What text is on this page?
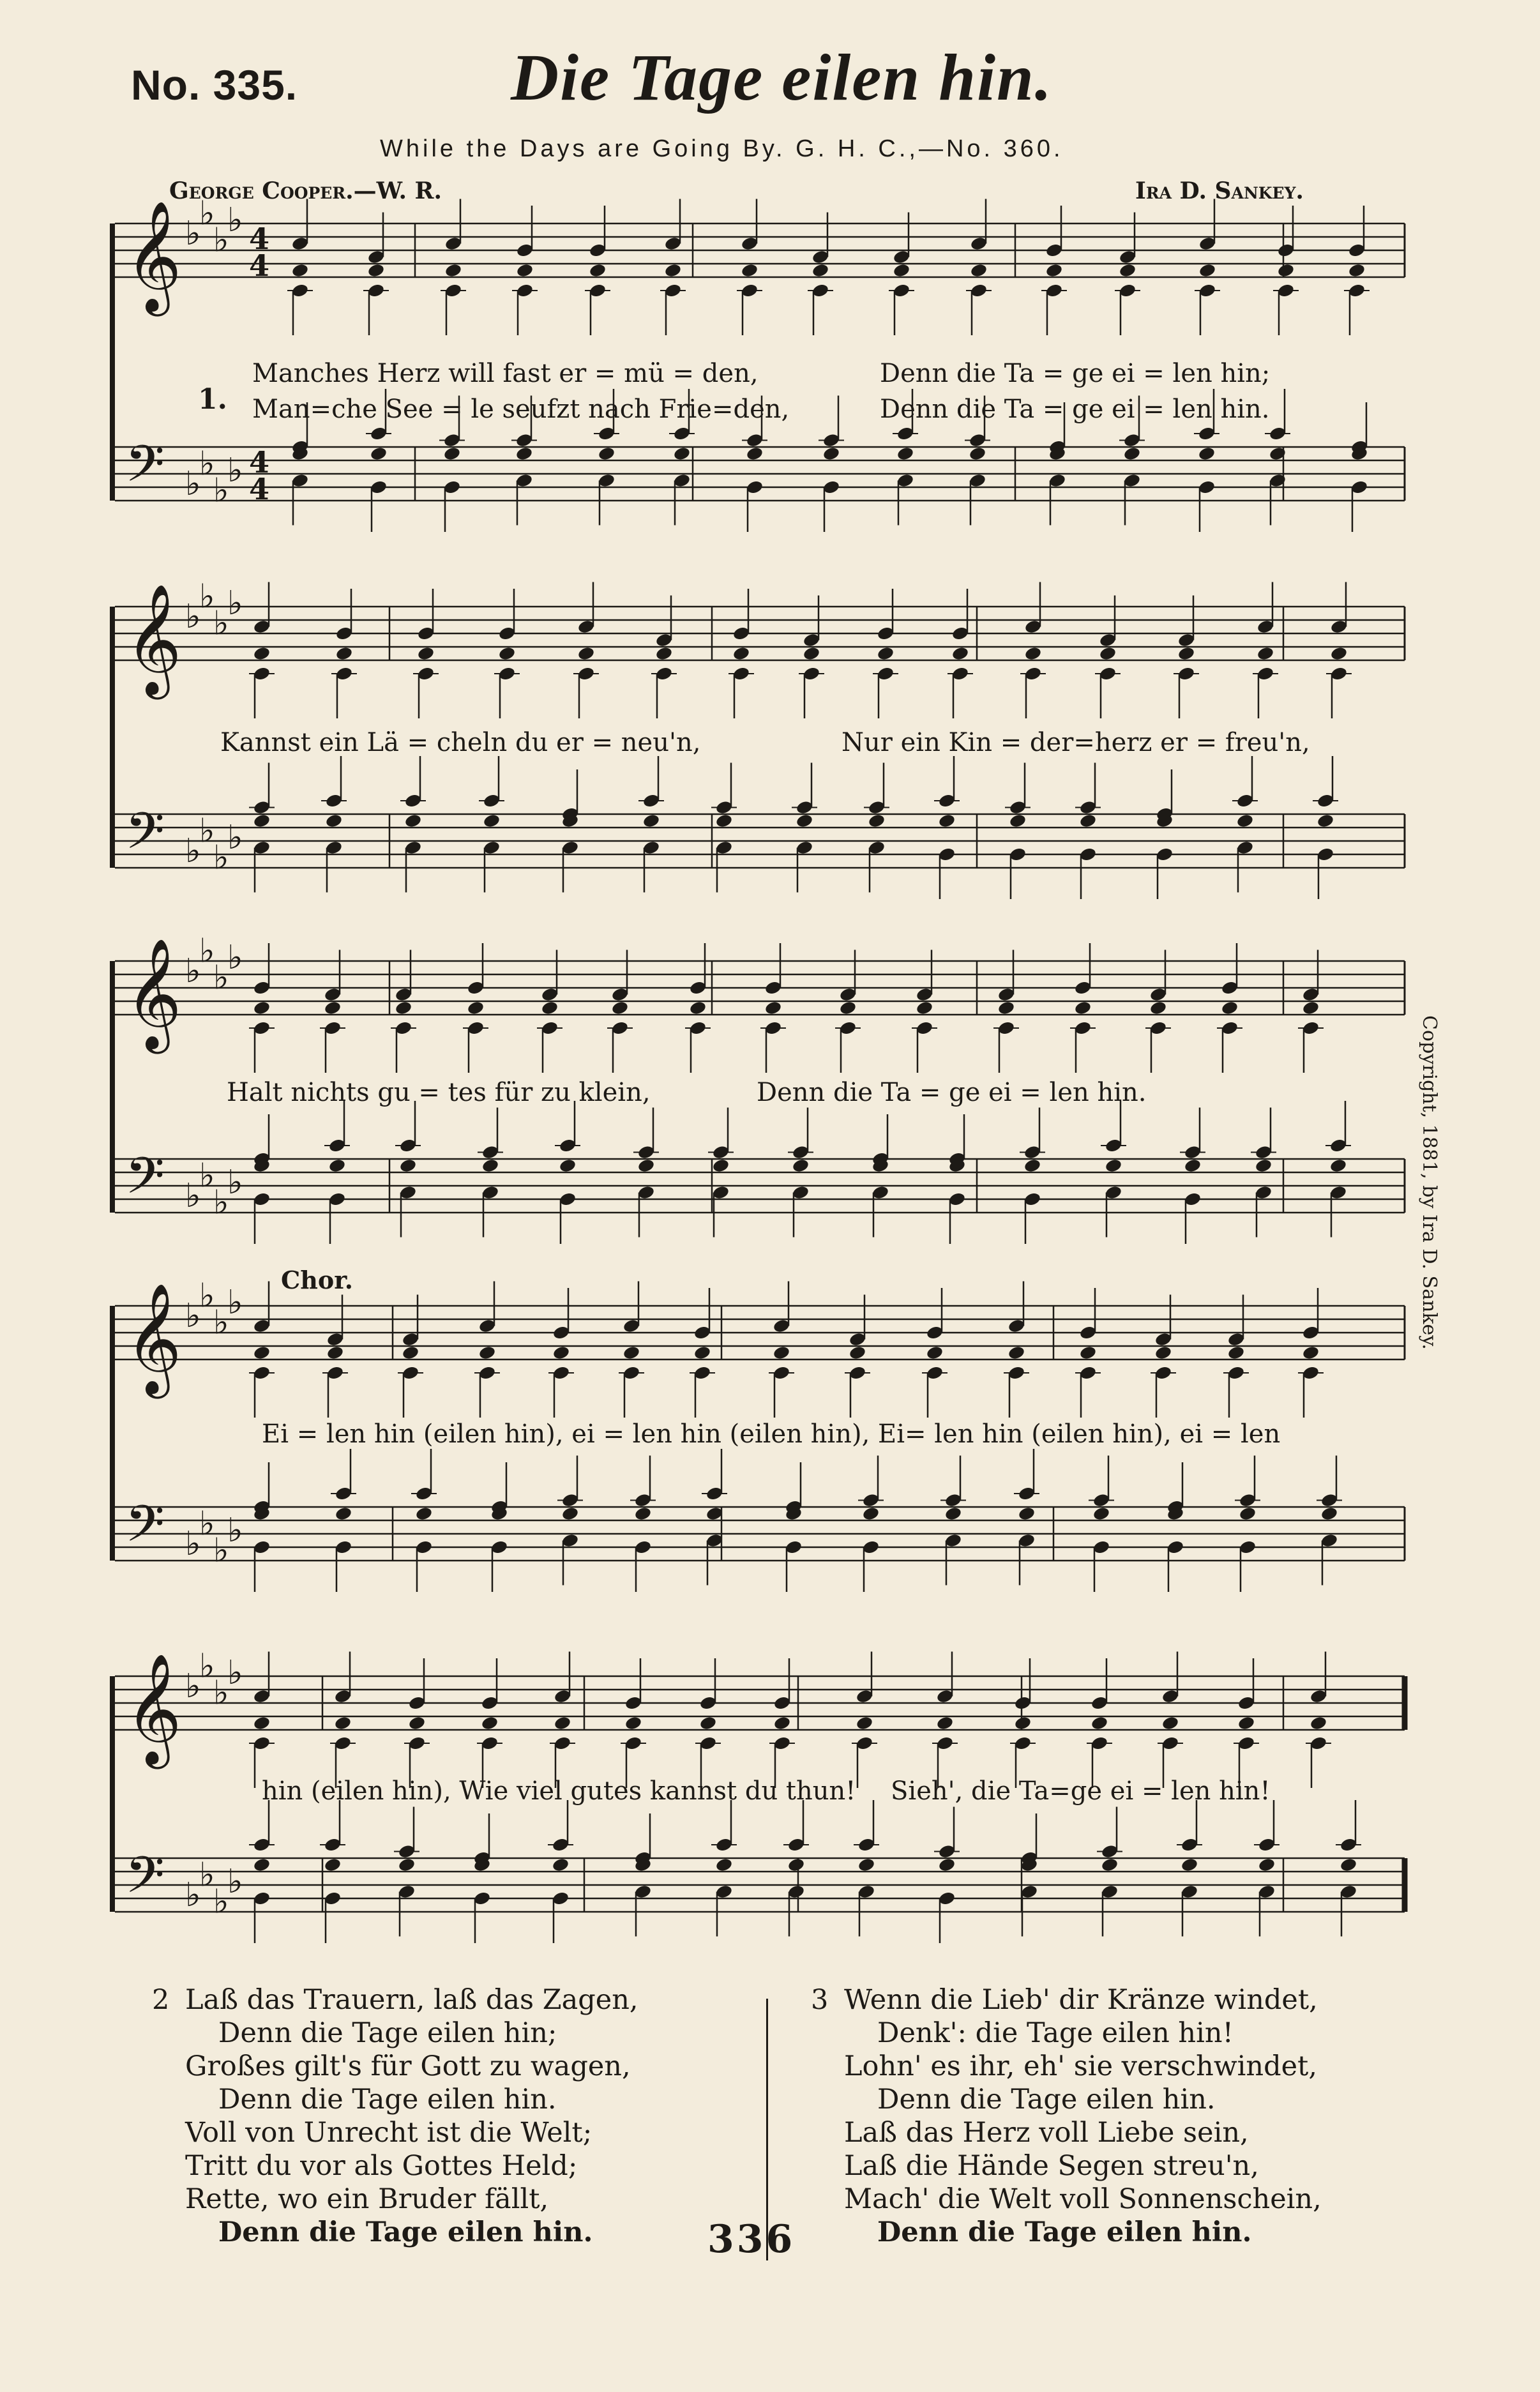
No. 335.	Die Tage eilen hin.
While the Days are Going By. G. H. C.,—No. 360.
George Cooper.—W. R.	Ira D. Sankey.
𝄞 ♭
♭
♭
♭ 4
4
𝄢 ♭
♭
♭
♭ 4
4
𝄞 ♭
♭
♭
♭
𝄢 ♭
♭
♭
♭
𝄞 ♭
♭
♭
♭
𝄢 ♭
♭
♭
♭
𝄞 ♭
♭
♭
♭
𝄢 ♭
♭
♭
♭
𝄞 ♭
♭
♭
♭
𝄢 ♭
♭
♭
♭
1.
Manches Herz will fast er = mü = den,	Denn die Ta = ge ei = len hin;
Man=che See = le seufzt nach Frie=den,	Denn die Ta = ge ei = len hin.
Kannst ein Lä = cheln du er = neu'n,	Nur ein Kin = der=herz er = freu'n,
Halt nichts gu = tes für zu klein,	Denn die Ta = ge ei = len hin.
Chor.
Ei = len hin (eilen hin), ei = len hin (eilen hin), Ei= len hin (eilen hin), ei = len
hin (eilen hin), Wie viel gutes kannst du thun! Sieh', die Ta=ge ei = len hin!
Copyright, 1881, by Ira D. Sankey.
2 Laß das Trauern, laß das Zagen,
Denn die Tage eilen hin;
Großes gilt's für Gott zu wagen,
Denn die Tage eilen hin.
Voll von Unrecht ist die Welt;
Tritt du vor als Gottes Held;
Rette, wo ein Bruder fällt,
Denn die Tage eilen hin.
3 Wenn die Lieb' dir Kränze windet,
Denk': die Tage eilen hin!
Lohn' es ihr, eh' sie verschwindet,
Denn die Tage eilen hin.
Laß das Herz voll Liebe sein,
Laß die Hände Segen streu'n,
Mach' die Welt voll Sonnenschein,
Denn die Tage eilen hin.
336
